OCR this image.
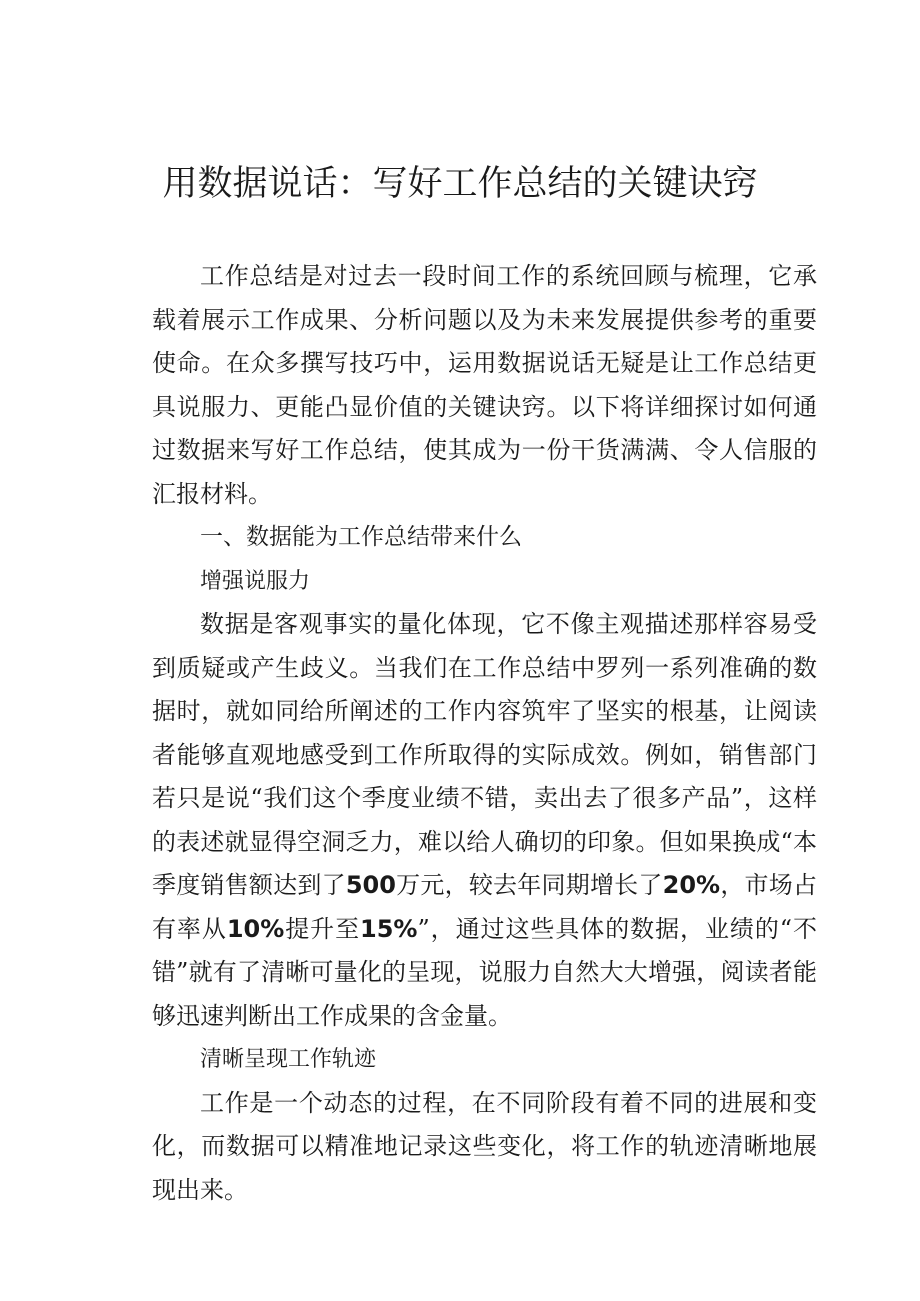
用数据说话：写好工作总结的关键诀窍

工作总结是对过去一段时间工作的系统回顾与梳理，它承载着展示工作成果、分析问题以及为未来发展提供参考的重要使命。在众多撰写技巧中，运用数据说话无疑是让工作总结更具说服力、更能凸显价值的关键诀窍。以下将详细探讨如何通过数据来写好工作总结，使其成为一份干货满满、令人信服的汇报材料。

一、数据能为工作总结带来什么

增强说服力

数据是客观事实的量化体现，它不像主观描述那样容易受到质疑或产生歧义。当我们在工作总结中罗列一系列准确的数据时，就如同给所阐述的工作内容筑牢了坚实的根基，让阅读者能够直观地感受到工作所取得的实际成效。例如，销售部门若只是说“我们这个季度业绩不错，卖出去了很多产品”，这样的表述就显得空洞乏力，难以给人确切的印象。但如果换成“本季度销售额达到了500万元，较去年同期增长了20%，市场占有率从10%提升至15%”，通过这些具体的数据，业绩的“不错”就有了清晰可量化的呈现，说服力自然大大增强，阅读者能够迅速判断出工作成果的含金量。

清晰呈现工作轨迹

工作是一个动态的过程，在不同阶段有着不同的进展和变化，而数据可以精准地记录这些变化，将工作的轨迹清晰地展现出来。
